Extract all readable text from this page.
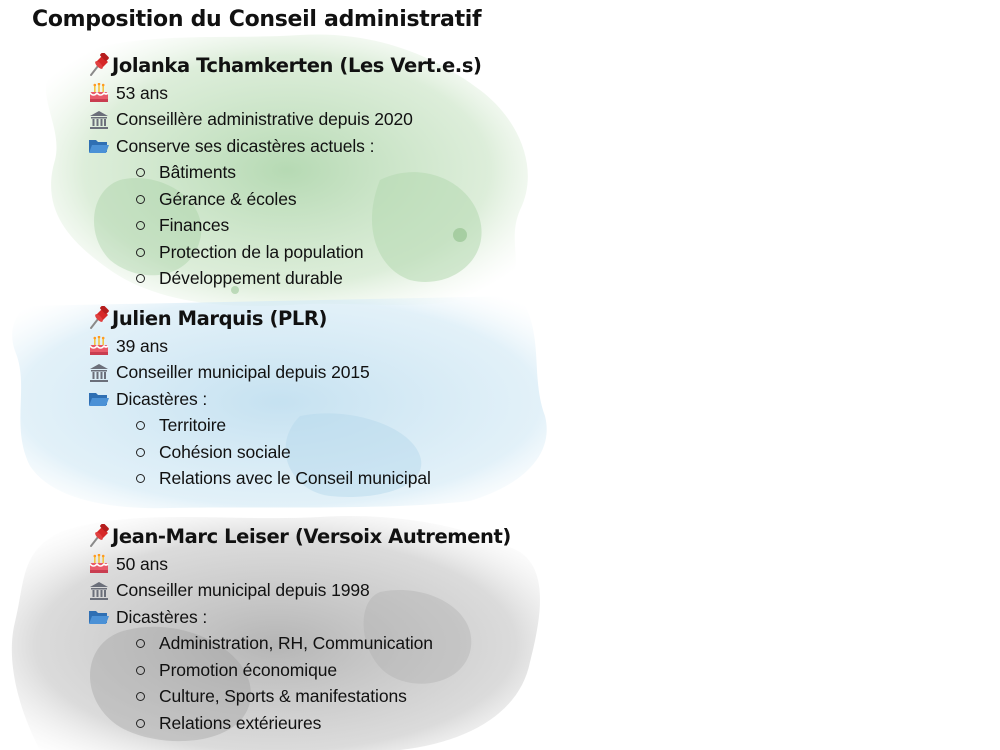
Composition du Conseil administratif
Jolanka Tchamkerten (Les Vert.e.s)
53 ans
Conseillère administrative depuis 2020
Conserve ses dicastères actuels :
Bâtiments
Gérance & écoles
Finances
Protection de la population
Développement durable
Julien Marquis (PLR)
39 ans
Conseiller municipal depuis 2015
Dicastères :
Territoire
Cohésion sociale
Relations avec le Conseil municipal
Jean-Marc Leiser (Versoix Autrement)
50 ans
Conseiller municipal depuis 1998
Dicastères :
Administration, RH, Communication
Promotion économique
Culture, Sports & manifestations
Relations extérieures
